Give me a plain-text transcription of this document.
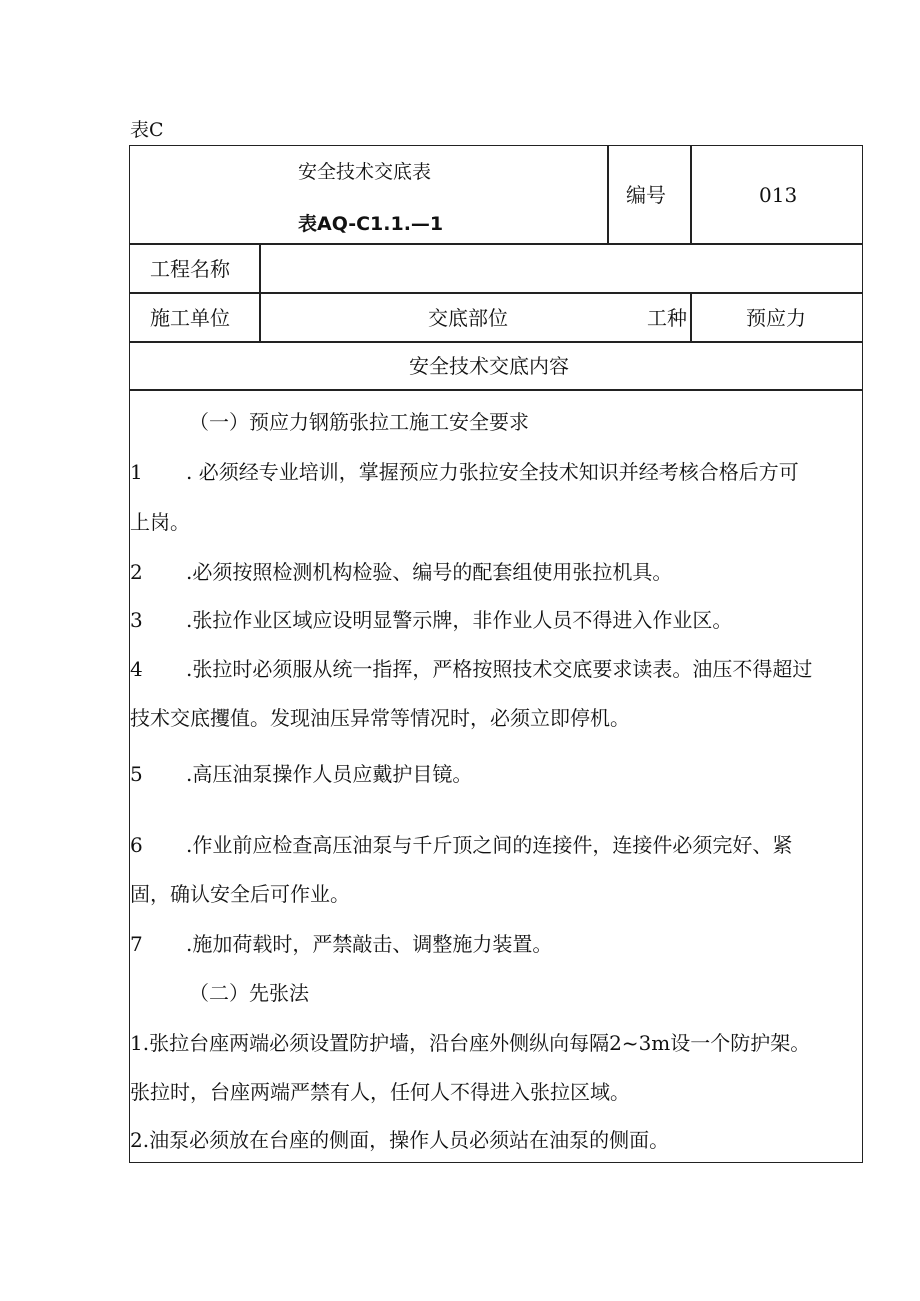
表C
安全技术交底表
表AQ-C1.1.—1
编号	013
工程名称
施工单位	交底部位	工种	预应力
安全技术交底内容
（一）预应力钢筋张拉工施工安全要求
1 . 必须经专业培训，掌握预应力张拉安全技术知识并经考核合格后方可
上岗。
2 .必须按照检测机构检验、编号的配套组使用张拉机具。
3 .张拉作业区域应设明显警示牌，非作业人员不得进入作业区。
4 .张拉时必须服从统一指挥，严格按照技术交底要求读表。油压不得超过
技术交底攫值。发现油压异常等情况时，必须立即停机。
5 .高压油泵操作人员应戴护目镜。
6 .作业前应检查高压油泵与千斤顶之间的连接件，连接件必须完好、紧
固，确认安全后可作业。
7 .施加荷载时，严禁敲击、调整施力装置。
（二）先张法
1.张拉台座两端必须设置防护墙，沿台座外侧纵向每隔2~3m设一个防护架。
张拉时，台座两端严禁有人，任何人不得进入张拉区域。
2.油泵必须放在台座的侧面，操作人员必须站在油泵的侧面。
